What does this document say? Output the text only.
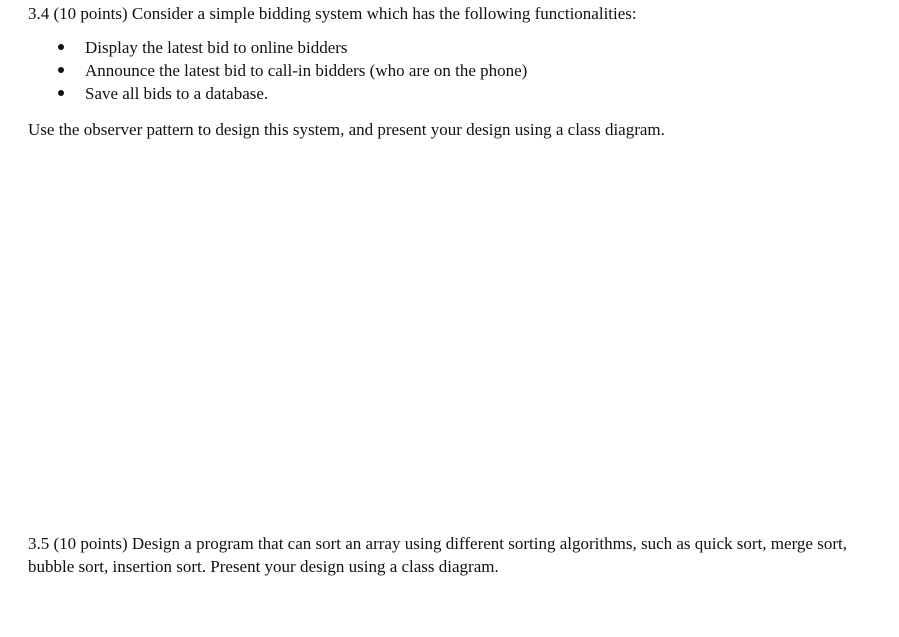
3.4 (10 points) Consider a simple bidding system which has the following functionalities:

Display the latest bid to online bidders
Announce the latest bid to call-in bidders (who are on the phone)
Save all bids to a database.

Use the observer pattern to design this system, and present your design using a class diagram.

3.5 (10 points) Design a program that can sort an array using different sorting algorithms, such as quick sort, merge sort, bubble sort, insertion sort. Present your design using a class diagram.
